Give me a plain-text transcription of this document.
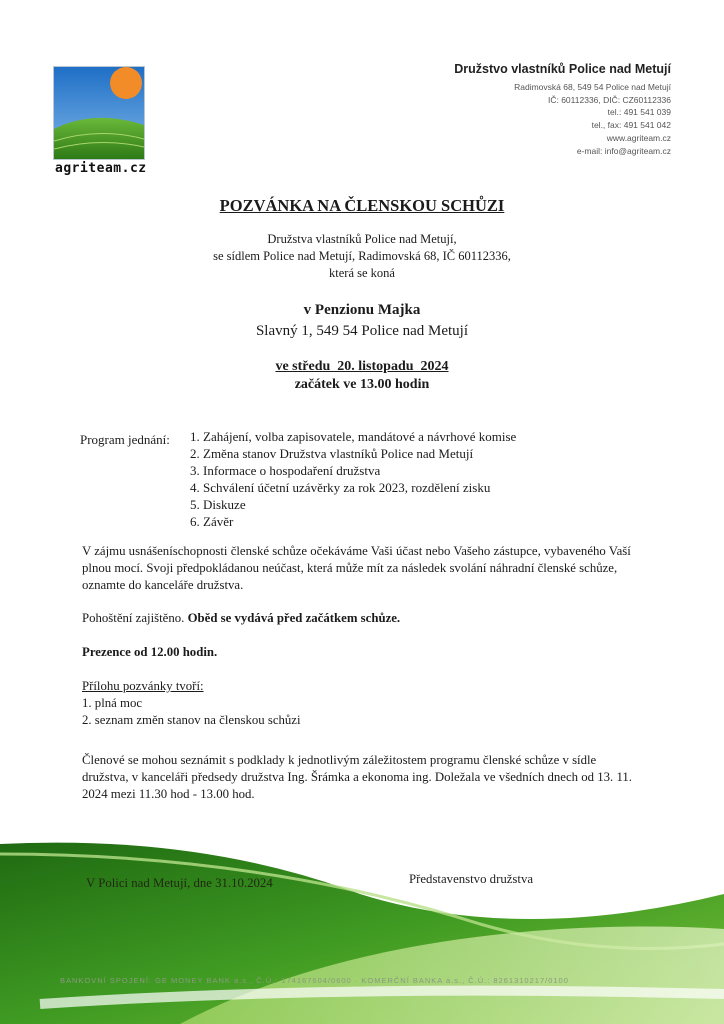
agriteam.cz
Družstvo vlastníků Police nad Metují
Radimovská 68, 549 54 Police nad Metují
IČ: 60112336, DIČ: CZ60112336
tel.: 491 541 039
tel., fax: 491 541 042
www.agriteam.cz
e-mail: info@agriteam.cz
POZVÁNKA NA ČLENSKOU SCHŮZI
Družstva vlastníků Police nad Metují,
se sídlem Police nad Metují, Radimovská 68, IČ 60112336,
která se koná
v Penzionu Majka
Slavný 1, 549 54 Police nad Metují
ve středu  20. listopadu  2024
začátek ve 13.00 hodin
Program jednání: 1. Zahájení, volba zapisovatele, mandátové a návrhové komise
2. Změna stanov Družstva vlastníků Police nad Metují
3. Informace o hospodaření družstva
4. Schválení účetní uzávěrky za rok 2023, rozdělení zisku
5. Diskuze
6. Závěr
V zájmu usnášeníschopnosti členské schůze očekáváme Vaši účast nebo Vašeho zástupce, vybaveného Vaší plnou mocí. Svoji předpokládanou neúčast, která může mít za následek svolání náhradní členské schůze, oznamte do kanceláře družstva.
Pohoštění zajištěno. Oběd se vydává před začátkem schůze.
Prezence od 12.00 hodin.
Přílohu pozvánky tvoří:
1. plná moc
2. seznam změn stanov na členskou schůzi
Členové se mohou seznámit s podklady k jednotlivým záležitostem programu členské schůze v sídle družstva, v kanceláři předsedy družstva Ing. Šrámka a ekonoma ing. Doležala ve všedních dnech od 13. 11. 2024 mezi 11.30 hod - 13.00 hod.
V Polici nad Metují, dne 31.10.2024	Představenstvo družstva
BANKOVNÍ SPOJENÍ: GE MONEY BANK a.s., Č.Ú.: 174167604/0600 · KOMERČNÍ BANKA a.s., Č.Ú.: 8261310217/0100
